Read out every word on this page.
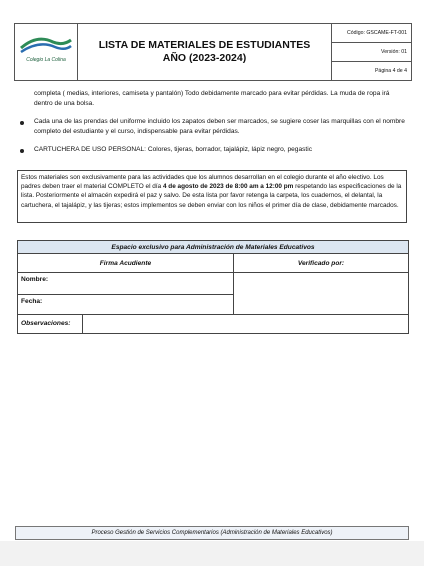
Colegio La Colina
LISTA DE MATERIALES DE ESTUDIANTES
AÑO (2023-2024)
Código: GSCAME-FT-001
Versión: 01
Página 4 de 4
completa ( medias, interiores, camiseta y pantalón) Todo debidamente marcado para evitar pérdidas. La muda de ropa irá dentro de una bolsa.
Cada una de las prendas del uniforme incluido los zapatos deben ser marcados, se sugiere coser las marquillas con el nombre completo del estudiante y el curso, indispensable para evitar pérdidas.
CARTUCHERA DE USO PERSONAL: Colores, tijeras, borrador, tajalápiz, lápiz negro, pegastic
Estos materiales son exclusivamente para las actividades que los alumnos desarrollan en el colegio durante el año electivo. Los padres deben traer el material COMPLETO el día 4 de agosto de 2023 de 8:00 am a 12:00 pm respetando las especificaciones de la lista. Posteriormente el almacén expedirá el paz y salvo. De esta lista por favor retenga la carpeta, los cuadernos, el delantal, la cartuchera, el tajalápiz, y las tijeras; estos implementos se deben enviar con los niños el primer día de clase, debidamente marcados.
Espacio exclusivo para Administración de Materiales Educativos
Firma Acudiente	Verificado por:
Nombre:
Fecha:
Observaciones:
Proceso Gestión de Servicios Complementarios (Administración de Materiales Educativos)
